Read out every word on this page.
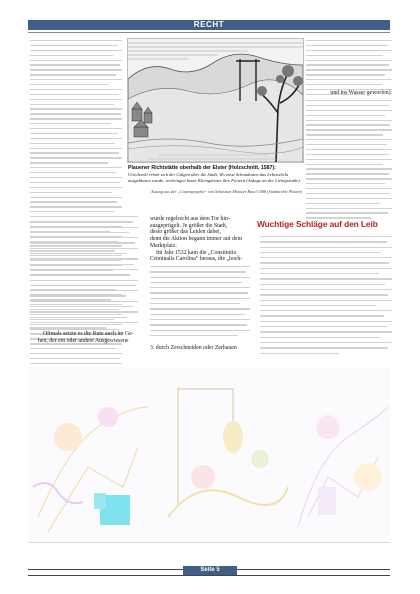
RECHT
und ins Wasser geworfen).
Plauener Richtstätte oberhalb der Elster (Holzschnitt, 1587):
Urteilsvoll erhob sich der Galgen über die Stadt. Wo einst Schandtaten das Lebenslicht ausgeblasen wurde, verbringen heute Kleingärtner ihre Freizeit (Anlage an der Liebigstraße).
Auszug aus der „Cosmographie“ von Sebastian Münster Basel 1588 (Stadtarchiv Plauen)

wurde regelrecht aus dem Tor hin-

ausgeprügelt. Je größer die Stadt,

desto größer das Leiden dabei,

denn die Aktion begann immer auf dem

Marktplatz.

Im Jahr 1532 kam die „Constitutio

Criminalis Carolina“ heraus, die „hoch-

3. durch Zerschneiden oder Zerhauen
Wuchtige Schläge auf den Leib

Oftmals setzte es die Rute auch im Ge-

hen, der ein oder andere Ausgewiesene

Seite 5
